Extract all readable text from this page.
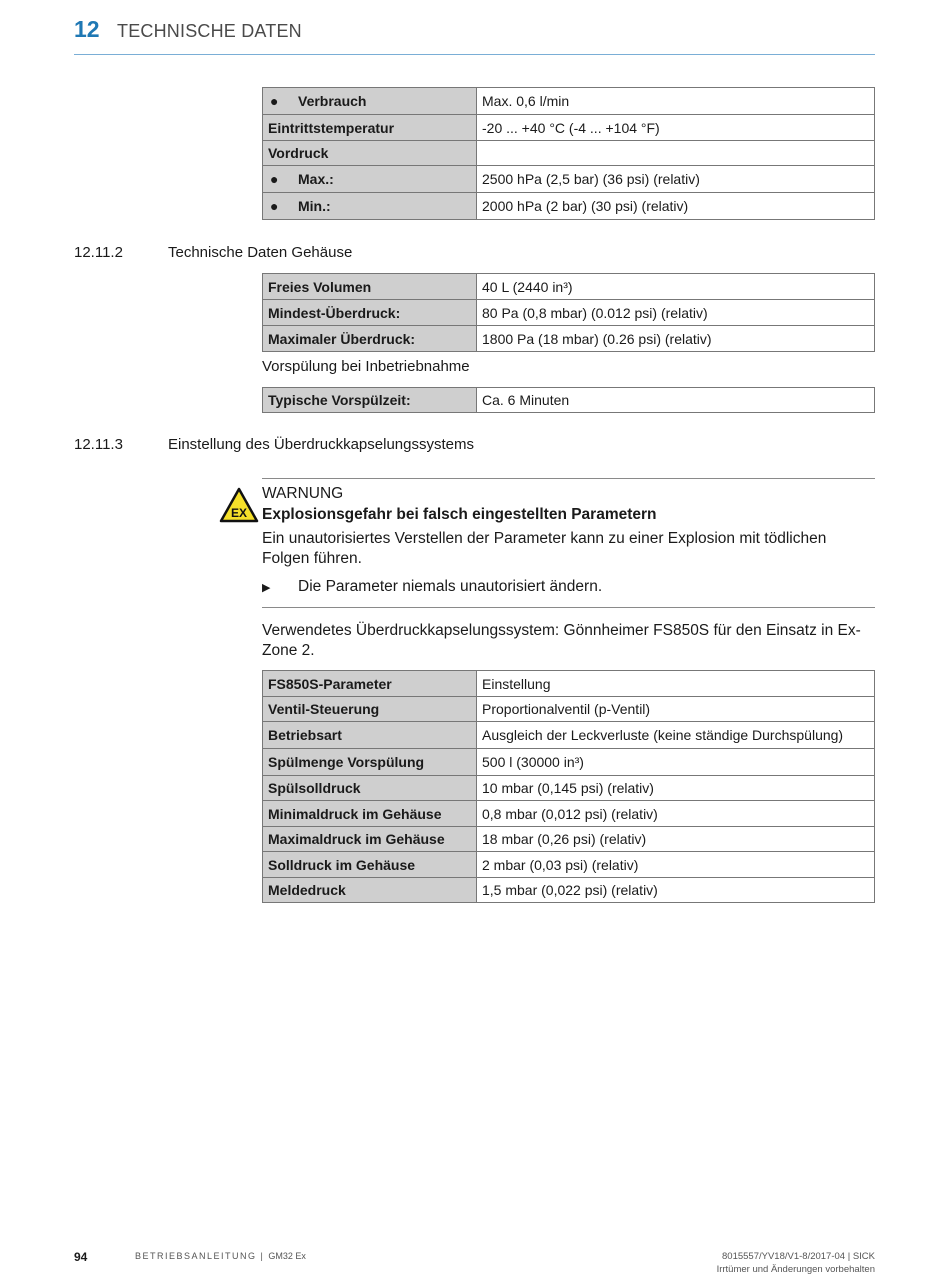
12 TECHNISCHE DATEN
● Verbrauch	Max. 0,6 l/min
Eintrittstemperatur	-20 ... +40 °C (-4 ... +104 °F)
Vordruck	
● Max.:	2500 hPa (2,5 bar) (36 psi) (relativ)
● Min.:	2000 hPa (2 bar) (30 psi) (relativ)
12.11.2	Technische Daten Gehäuse
Freies Volumen	40 L (2440 in³)
Mindest-Überdruck:	80 Pa (0,8 mbar) (0.012 psi) (relativ)
Maximaler Überdruck:	1800 Pa (18 mbar) (0.26 psi) (relativ)
Vorspülung bei Inbetriebnahme
Typische Vorspülzeit:	Ca. 6 Minuten
12.11.3	Einstellung des Überdruckkapselungssystems
EX
WARNUNG
Explosionsgefahr bei falsch eingestellten Parametern
Ein unautorisiertes Verstellen der Parameter kann zu einer Explosion mit tödlichen Folgen führen.
▶ Die Parameter niemals unautorisiert ändern.
Verwendetes Überdruckkapselungssystem: Gönnheimer FS850S für den Einsatz in Ex-Zone 2.
FS850S-Parameter	Einstellung
Ventil-Steuerung	Proportionalventil (p-Ventil)
Betriebsart	Ausgleich der Leckverluste (keine ständige Durchspülung)
Spülmenge Vorspülung	500 l (30000 in³)
Spülsolldruck	10 mbar (0,145 psi) (relativ)
Minimaldruck im Gehäuse	0,8 mbar (0,012 psi) (relativ)
Maximaldruck im Gehäuse	18 mbar (0,26 psi) (relativ)
Solldruck im Gehäuse	2 mbar (0,03 psi) (relativ)
Meldedruck	1,5 mbar (0,022 psi) (relativ)
94	BETRIEBSANLEITUNG | GM32 Ex	8015557/YV18/V1-8/2017-04 | SICK
Irrtümer und Änderungen vorbehalten
